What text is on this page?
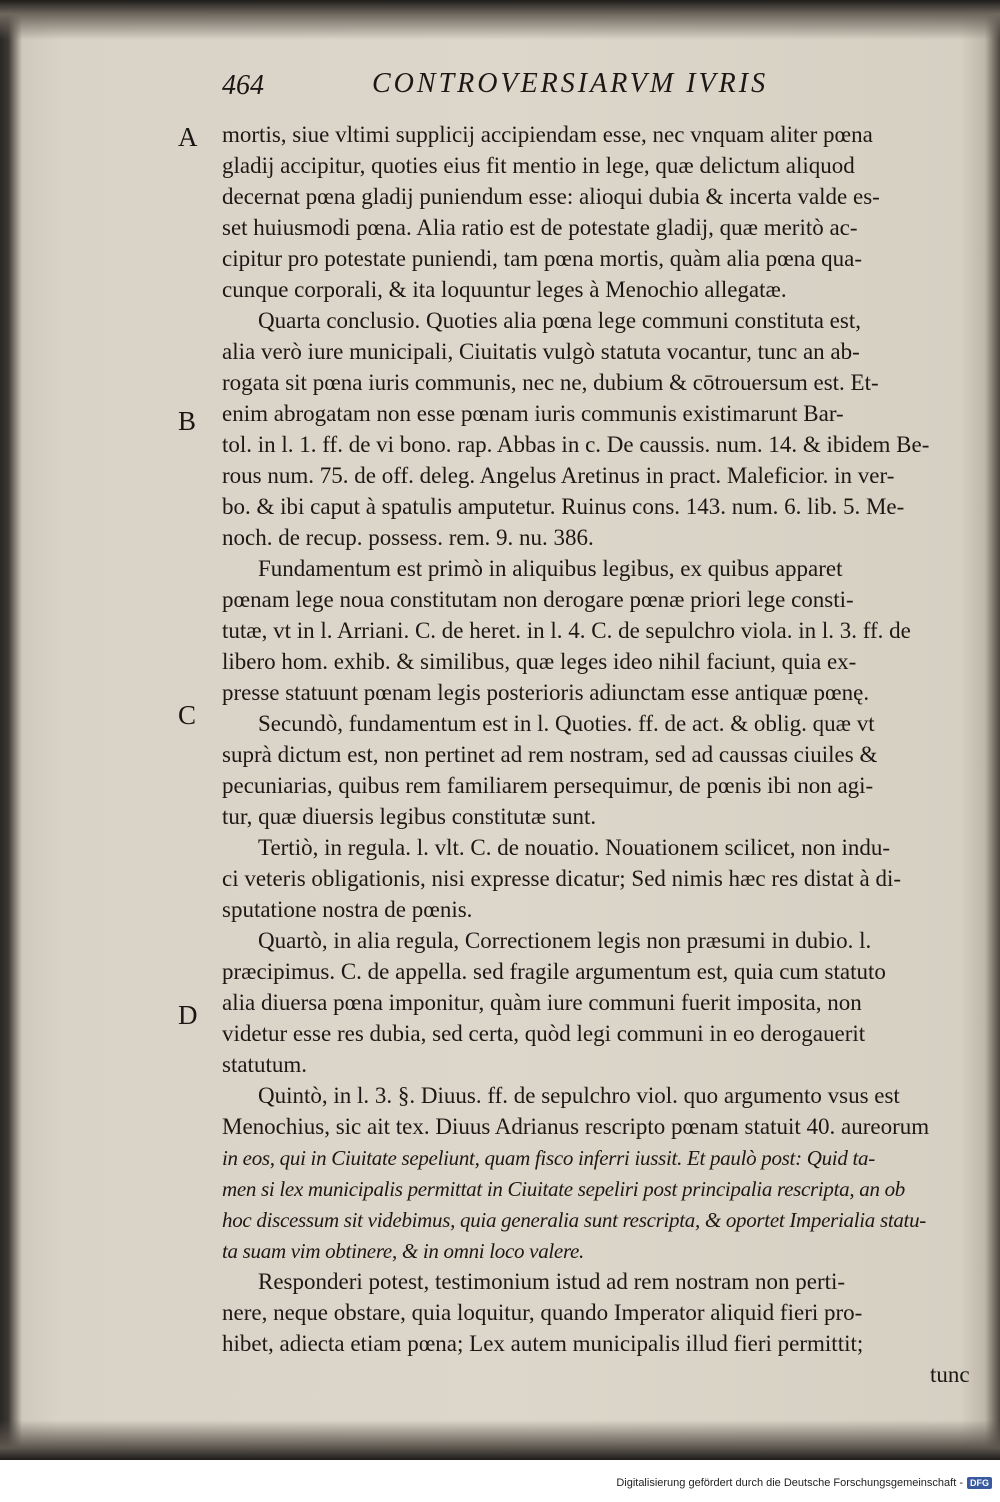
464	CONTROVERSIARVM IVRIS
A
B
C
D
mortis, siue vltimi supplicij accipiendam esse, nec vnquam aliter pœna
gladij accipitur, quoties eius fit mentio in lege, quæ delictum aliquod
decernat pœna gladij puniendum esse: alioqui dubia & incerta valde es-
set huiusmodi pœna. Alia ratio est de potestate gladij, quæ meritò ac-
cipitur pro potestate puniendi, tam pœna mortis, quàm alia pœna qua-
cunque corporali, & ita loquuntur leges à Menochio allegatæ.
Quarta conclusio. Quoties alia pœna lege communi constituta est,
alia verò iure municipali, Ciuitatis vulgò statuta vocantur, tunc an ab-
rogata sit pœna iuris communis, nec ne, dubium & cōtrouersum est. Et-
enim abrogatam non esse pœnam iuris communis existimarunt Bar-
tol. in l. 1. ff. de vi bono. rap. Abbas in c. De caussis. num. 14. & ibidem Be-
rous num. 75. de off. deleg. Angelus Aretinus in pract. Maleficior. in ver-
bo. & ibi caput à spatulis amputetur. Ruinus cons. 143. num. 6. lib. 5. Me-
noch. de recup. possess. rem. 9. nu. 386.
Fundamentum est primò in aliquibus legibus, ex quibus apparet
pœnam lege noua constitutam non derogare pœnæ priori lege consti-
tutæ, vt in l. Arriani. C. de heret. in l. 4. C. de sepulchro viola. in l. 3. ff. de
libero hom. exhib. & similibus, quæ leges ideo nihil faciunt, quia ex-
presse statuunt pœnam legis posterioris adiunctam esse antiquæ pœnę.
Secundò, fundamentum est in l. Quoties. ff. de act. & oblig. quæ vt
suprà dictum est, non pertinet ad rem nostram, sed ad caussas ciuiles &
pecuniarias, quibus rem familiarem persequimur, de pœnis ibi non agi-
tur, quæ diuersis legibus constitutæ sunt.
Tertiò, in regula. l. vlt. C. de nouatio. Nouationem scilicet, non indu-
ci veteris obligationis, nisi expresse dicatur; Sed nimis hæc res distat à di-
sputatione nostra de pœnis.
Quartò, in alia regula, Correctionem legis non præsumi in dubio. l.
præcipimus. C. de appella. sed fragile argumentum est, quia cum statuto
alia diuersa pœna imponitur, quàm iure communi fuerit imposita, non
videtur esse res dubia, sed certa, quòd legi communi in eo derogauerit
statutum.
Quintò, in l. 3. §. Diuus. ff. de sepulchro viol. quo argumento vsus est
Menochius, sic ait tex. Diuus Adrianus rescripto pœnam statuit 40. aureorum
in eos, qui in Ciuitate sepeliunt, quam fisco inferri iussit. Et paulò post: Quid ta-
men si lex municipalis permittat in Ciuitate sepeliri post principalia rescripta, an ob
hoc discessum sit videbimus, quia generalia sunt rescripta, & oportet Imperialia statu-
ta suam vim obtinere, & in omni loco valere.
Responderi potest, testimonium istud ad rem nostram non perti-
nere, neque obstare, quia loquitur, quando Imperator aliquid fieri pro-
hibet, adiecta etiam pœna; Lex autem municipalis illud fieri permittit;
tunc
Digitalisierung gefördert durch die Deutsche Forschungsgemeinschaft - DFG
